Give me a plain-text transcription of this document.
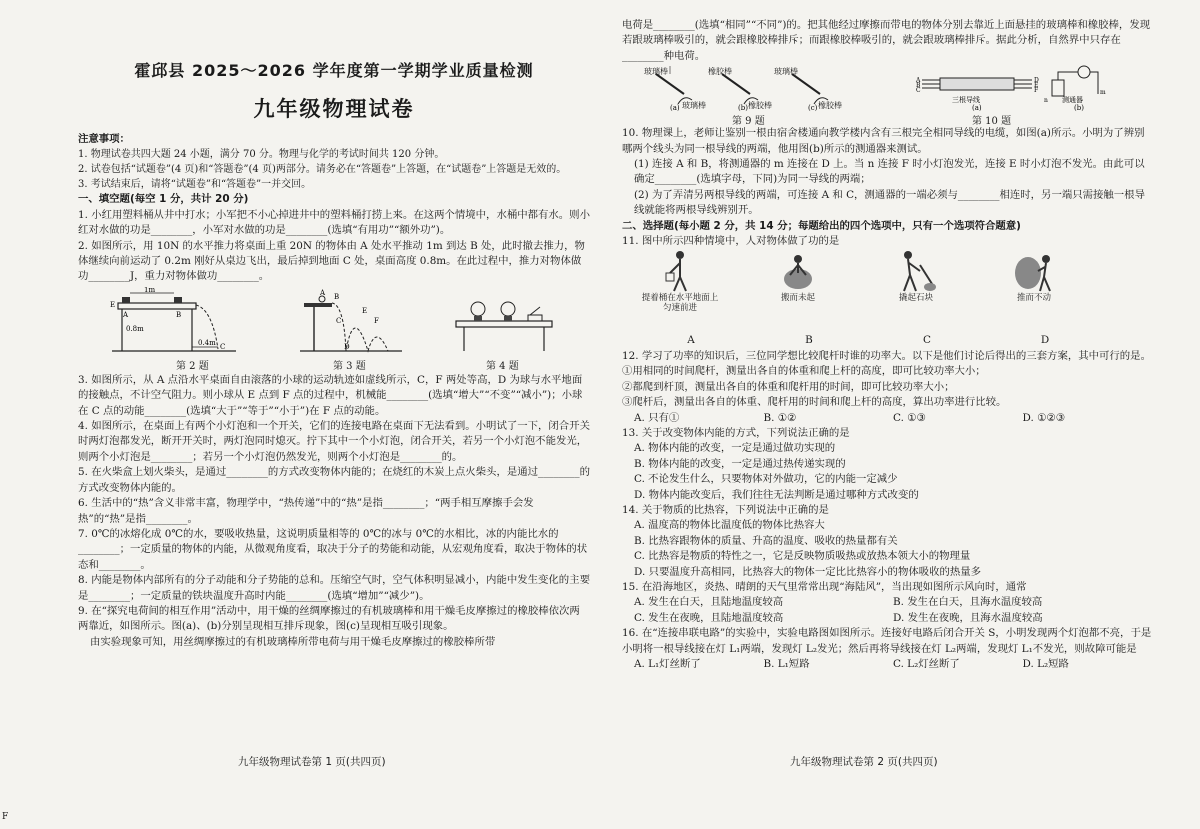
霍邱县 2025～2026 学年度第一学期学业质量检测

九年级物理试卷

注意事项：

1. 物理试卷共四大题 24 小题，满分 70 分。物理与化学的考试时间共 120 分钟。

2. 试卷包括“试题卷”(4 页)和“答题卷”(4 页)两部分。请务必在“答题卷”上答题，在“试题卷”上答题是无效的。

3. 考试结束后，请将“试题卷”和“答题卷”一并交回。

一、填空题(每空 1 分，共计 20 分)

1. 小红用塑料桶从井中打水；小军把不小心掉进井中的塑料桶打捞上来。在这两个情境中，水桶中都有水。则小红对水做的功是________，小军对水做的功是________(选填“有用功”“额外功”)。

2. 如图所示，用 10N 的水平推力将桌面上重 20N 的物体由 A 处水平推动 1m 到达 B 处，此时撤去推力，物体继续向前运动了 0.2m 刚好从桌边飞出，最后掉到地面 C 处，桌面高度 0.8m。在此过程中，推力对物体做功________J，重力对物体做功________。

1m
A	B
E
0.8m
0.4m C
A B
C
E
D
F
第 2 题	第 3 题	第 4 题

3. 如图所示，从 A 点沿水平桌面自由滚落的小球的运动轨迹如虚线所示，C，F 两处等高，D 为球与水平地面的接触点，不计空气阻力。则小球从 E 点到 F 点的过程中，机械能________(选填“增大”“不变”“减小”)；小球在 C 点的动能________(选填“大于”“等于”“小于”)在 F 点的动能。

4. 如图所示，在桌面上有两个小灯泡和一个开关，它们的连接电路在桌面下无法看到。小明试了一下，闭合开关时两灯泡都发光，断开开关时，两灯泡同时熄灭。拧下其中一个小灯泡，闭合开关，若另一个小灯泡不能发光，则两个小灯泡是________；若另一个小灯泡仍然发光，则两个小灯泡是________的。

5. 在火柴盒上划火柴头，是通过________的方式改变物体内能的；在烧红的木炭上点火柴头，是通过________的方式改变物体内能的。

6. 生活中的“热”含义非常丰富，物理学中，“热传递”中的“热”是指________；“两手相互摩擦手会发热”的“热”是指________。

7. 0℃的冰熔化成 0℃的水，要吸收热量，这说明质量相等的 0℃的冰与 0℃的水相比，冰的内能比水的________；一定质量的物体的内能，从微观角度看，取决于分子的势能和动能，从宏观角度看，取决于物体的状态和________。

8. 内能是物体内部所有的分子动能和分子势能的总和。压缩空气时，空气体积明显减小，内能中发生变化的主要是________；一定质量的铁块温度升高时内能________(选填“增加”“减少”)。

9. 在“探究电荷间的相互作用”活动中，用干燥的丝绸摩擦过的有机玻璃棒和用干燥毛皮摩擦过的橡胶棒依次两两靠近，如图所示。图(a)、(b)分别呈现相互排斥现象，图(c)呈现相互吸引现象。

由实验现象可知，用丝绸摩擦过的有机玻璃棒所带电荷与用干燥毛皮摩擦过的橡胶棒所带

电荷是________(选填“相同”“不同”)的。把其他经过摩擦而带电的物体分别去靠近上面悬挂的玻璃棒和橡胶棒，发现若跟玻璃棒吸引的，就会跟橡胶棒排斥；而跟橡胶棒吸引的，就会跟玻璃棒排斥。据此分析，自然界中只存在________种电荷。

(a)	(b)	(c)
A
B
C
D
E
F
三根导线
(a)
m
n 测通器
(b)
玻璃棒	橡胶棒	玻璃棒
玻璃棒	橡胶棒	橡胶棒
第 9 题	第 10 题

10. 物理课上，老师让鉴别一根由宿舍楼通向教学楼内含有三根完全相同导线的电缆，如图(a)所示。小明为了辨别哪两个线头为同一根导线的两端，他用图(b)所示的测通器来测试。

(1) 连接 A 和 B，将测通器的 m 连接在 D 上。当 n 连接 F 时小灯泡发光，连接 E 时小灯泡不发光。由此可以确定________(选填字母，下同)为同一导线的两端；

(2) 为了弄清另两根导线的两端，可连接 A 和 C，测通器的一端必须与________相连时，另一端只需接触一根导线就能将两根导线辨别开。

二、选择题(每小题 2 分，共 14 分；每题给出的四个选项中，只有一个选项符合题意)

11. 图中所示四种情境中，人对物体做了功的是

提着桶在水平地面上匀速前进
搬而未起	撬起石块	推而不动
A	B	C	D

12. 学习了功率的知识后，三位同学想比较爬杆时谁的功率大。以下是他们讨论后得出的三套方案，其中可行的是。

①用相同的时间爬杆，测量出各自的体重和爬上杆的高度，即可比较功率大小；

②都爬到杆顶，测量出各自的体重和爬杆用的时间，即可比较功率大小；

③爬杆后，测量出各自的体重、爬杆用的时间和爬上杆的高度，算出功率进行比较。

A. 只有①	B. ①②	C. ①③	D. ①②③

13. 关于改变物体内能的方式，下列说法正确的是

A. 物体内能的改变，一定是通过做功实现的

B. 物体内能的改变，一定是通过热传递实现的

C. 不论发生什么，只要物体对外做功，它的内能一定减少

D. 物体内能改变后，我们往往无法判断是通过哪种方式改变的

14. 关于物质的比热容，下列说法中正确的是

A. 温度高的物体比温度低的物体比热容大

B. 比热容跟物体的质量、升高的温度、吸收的热量都有关

C. 比热容是物质的特性之一，它是反映物质吸热或放热本领大小的物理量

D. 只要温度升高相同，比热容大的物体一定比比热容小的物体吸收的热量多

15. 在沿海地区，炎热、晴朗的天气里常常出现“海陆风”，当出现如图所示风向时，通常

A. 发生在白天，且陆地温度较高	B. 发生在白天，且海水温度较高
C. 发生在夜晚，且陆地温度较高	D. 发生在夜晚，且海水温度较高

16. 在“连接串联电路”的实验中，实验电路图如图所示。连接好电路后闭合开关 S，小明发现两个灯泡都不亮，于是小明将一根导线接在灯 L₁两端，发现灯 L₂发光；然后再将导线接在灯 L₂两端，发现灯 L₁不发光，则故障可能是

A. L₁灯丝断了	B. L₁短路	C. L₂灯丝断了	D. L₂短路
九年级物理试卷第 1 页(共四页)	九年级物理试卷第 2 页(共四页)
F
